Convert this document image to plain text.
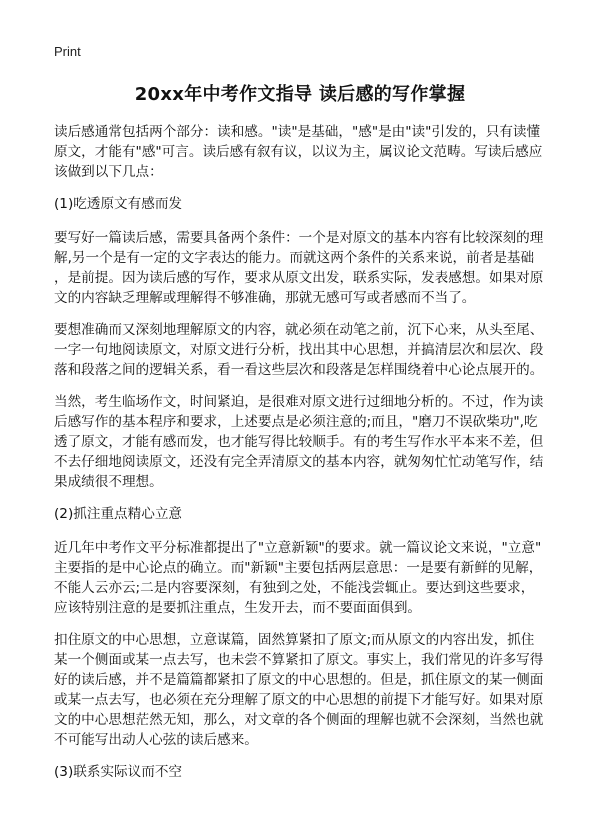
Print
20xx年中考作文指导 读后感的写作掌握
读后感通常包括两个部分：读和感。"读"是基础，"感"是由"读"引发的，只有读懂
原文，才能有"感"可言。读后感有叙有议，以议为主，属议论文范畴。写读后感应
该做到以下几点：
(1)吃透原文有感而发
要写好一篇读后感，需要具备两个条件：一个是对原文的基本内容有比较深刻的理
解,另一个是有一定的文字表达的能力。而就这两个条件的关系来说，前者是基础
，是前提。因为读后感的写作，要求从原文出发，联系实际，发表感想。如果对原
文的内容缺乏理解或理解得不够准确，那就无感可写或者感而不当了。
要想准确而又深刻地理解原文的内容，就必须在动笔之前，沉下心来，从头至尾、
一字一句地阅读原文，对原文进行分析，找出其中心思想，并搞清层次和层次、段
落和段落之间的逻辑关系，看一看这些层次和段落是怎样围绕着中心论点展开的。
当然，考生临场作文，时间紧迫，是很难对原文进行过细地分析的。不过，作为读
后感写作的基本程序和要求，上述要点是必须注意的;而且，"磨刀不误砍柴功",吃
透了原文，才能有感而发，也才能写得比较顺手。有的考生写作水平本来不差，但
不去仔细地阅读原文，还没有完全弄清原文的基本内容，就匆匆忙忙动笔写作，结
果成绩很不理想。
(2)抓注重点精心立意
近几年中考作文平分标准都提出了"立意新颖"的要求。就一篇议论文来说，"立意"
主要指的是中心论点的确立。而"新颖"主要包括两层意思：一是要有新鲜的见解，
不能人云亦云;二是内容要深刻，有独到之处，不能浅尝辄止。要达到这些要求，
应该特别注意的是要抓注重点，生发开去，而不要面面俱到。
扣住原文的中心思想，立意谋篇，固然算紧扣了原文;而从原文的内容出发，抓住
某一个侧面或某一点去写，也未尝不算紧扣了原文。事实上，我们常见的许多写得
好的读后感，并不是篇篇都紧扣了原文的中心思想的。但是，抓住原文的某一侧面
或某一点去写，也必须在充分理解了原文的中心思想的前提下才能写好。如果对原
文的中心思想茫然无知，那么，对文章的各个侧面的理解也就不会深刻，当然也就
不可能写出动人心弦的读后感来。
(3)联系实际议而不空
